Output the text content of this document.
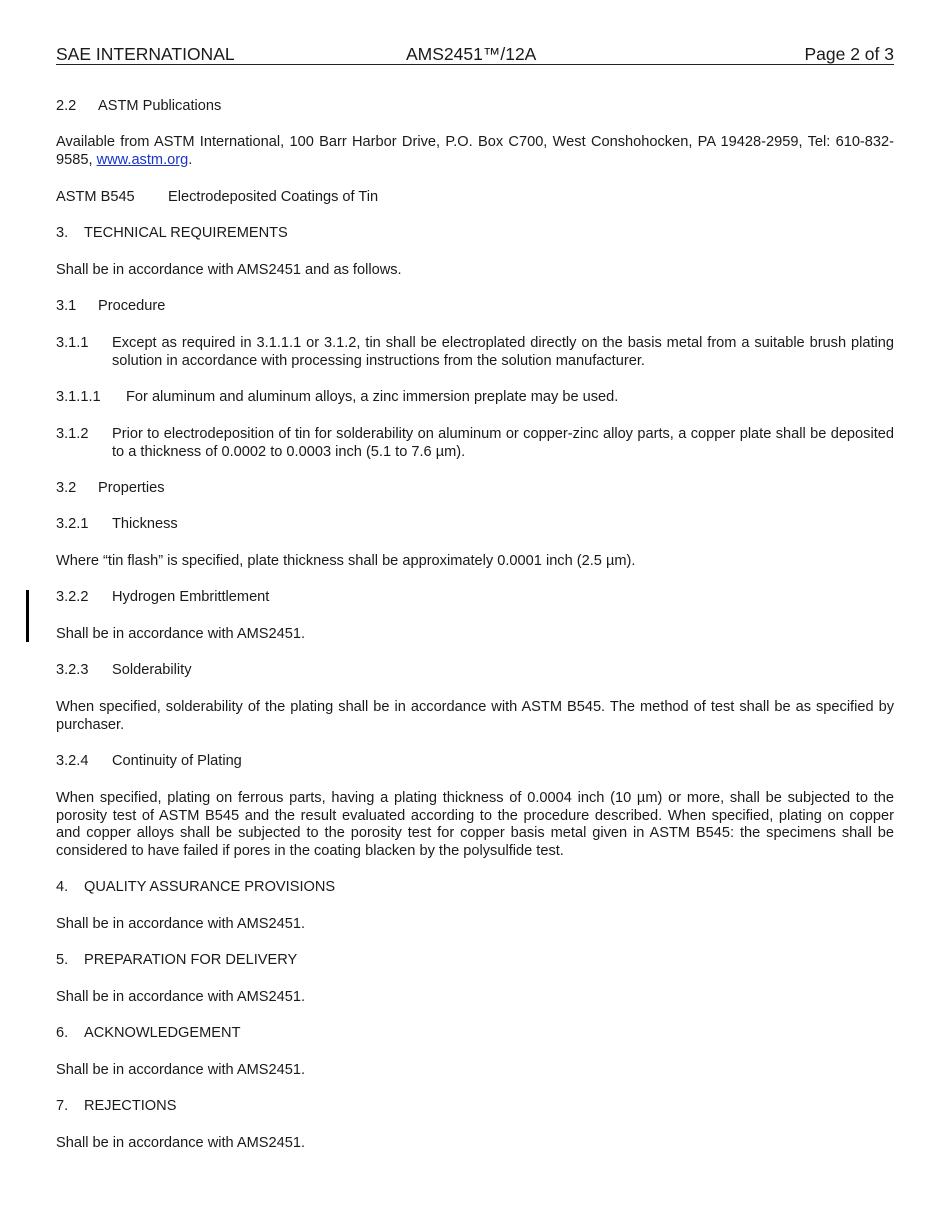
SAE INTERNATIONAL	AMS2451™/12A	Page 2 of 3
2.2 ASTM Publications
Available from ASTM International, 100 Barr Harbor Drive, P.O. Box C700, West Conshohocken, PA 19428-2959, Tel: 610-832-9585, www.astm.org.
ASTM B545 Electrodeposited Coatings of Tin
3. TECHNICAL REQUIREMENTS
Shall be in accordance with AMS2451 and as follows.
3.1 Procedure
3.1.1 Except as required in 3.1.1.1 or 3.1.2, tin shall be electroplated directly on the basis metal from a suitable brush plating solution in accordance with processing instructions from the solution manufacturer.
3.1.1.1 For aluminum and aluminum alloys, a zinc immersion preplate may be used.
3.1.2 Prior to electrodeposition of tin for solderability on aluminum or copper-zinc alloy parts, a copper plate shall be deposited to a thickness of 0.0002 to 0.0003 inch (5.1 to 7.6 µm).
3.2 Properties
3.2.1 Thickness
Where “tin flash” is specified, plate thickness shall be approximately 0.0001 inch (2.5 µm).
3.2.2 Hydrogen Embrittlement
Shall be in accordance with AMS2451.
3.2.3 Solderability
When specified, solderability of the plating shall be in accordance with ASTM B545. The method of test shall be as specified by purchaser.
3.2.4 Continuity of Plating
When specified, plating on ferrous parts, having a plating thickness of 0.0004 inch (10 µm) or more, shall be subjected to the porosity test of ASTM B545 and the result evaluated according to the procedure described. When specified, plating on copper and copper alloys shall be subjected to the porosity test for copper basis metal given in ASTM B545: the specimens shall be considered to have failed if pores in the coating blacken by the polysulfide test.
4. QUALITY ASSURANCE PROVISIONS
Shall be in accordance with AMS2451.
5. PREPARATION FOR DELIVERY
Shall be in accordance with AMS2451.
6. ACKNOWLEDGEMENT
Shall be in accordance with AMS2451.
7. REJECTIONS
Shall be in accordance with AMS2451.
